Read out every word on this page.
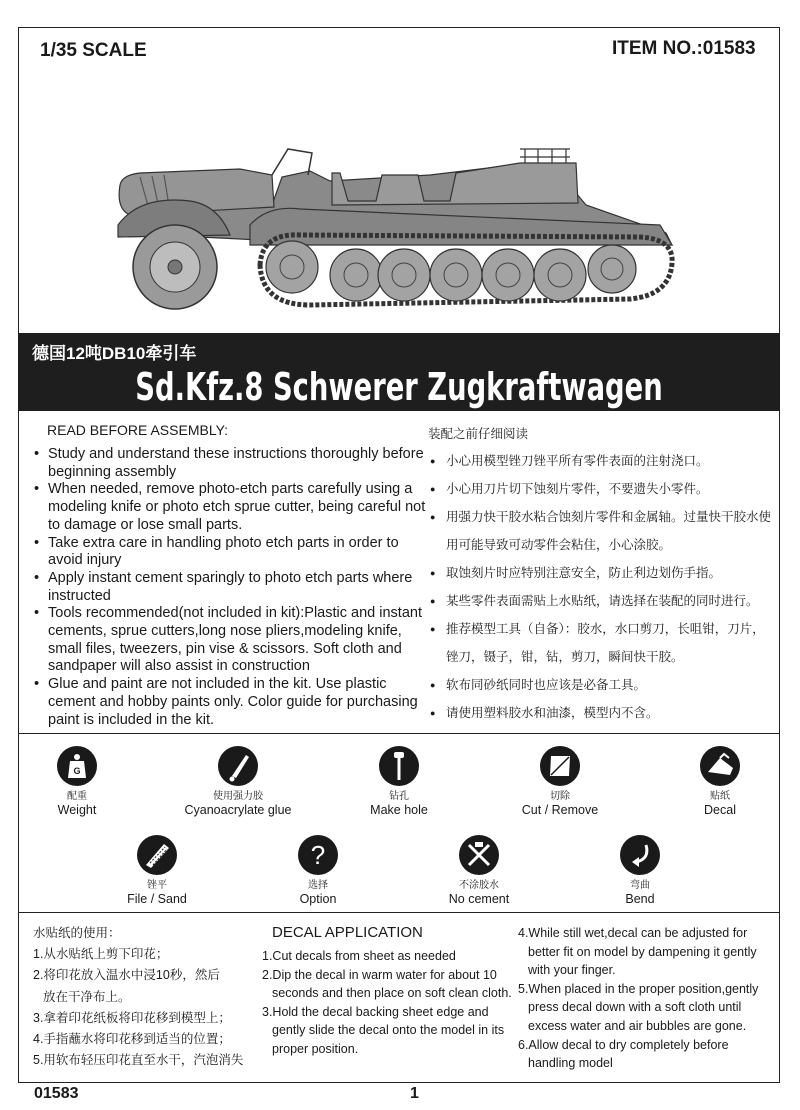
1/35 SCALE	ITEM NO.:01583
德国12吨DB10牵引车
Sd.Kfz.8 Schwerer Zugkraftwagen 12t
READ BEFORE ASSEMBLY:
• Study and understand these instructions thoroughly before beginning assembly
• When needed, remove photo-etch parts carefully using a modeling knife or photo etch sprue cutter, being careful not to damage or lose small parts.
• Take extra care in handling photo etch parts in order to avoid injury
• Apply instant cement sparingly to photo etch parts where instructed
• Tools recommended(not included in kit):Plastic and instant cements, sprue cutters,long nose pliers,modeling knife, small files, tweezers, pin vise & scissors. Soft cloth and sandpaper will also assist in construction
• Glue and paint are not included in the kit. Use plastic cement and hobby paints only. Color guide for purchasing paint is included in the kit.
装配之前仔细阅读
● 小心用模型锉刀锉平所有零件表面的注射浇口。
● 小心用刀片切下蚀刻片零件，不要遗失小零件。
● 用强力快干胶水粘合蚀刻片零件和金属轴。过量快干胶水使用可能导致可动零件会粘住，小心涂胶。
● 取蚀刻片时应特别注意安全，防止利边划伤手指。
● 某些零件表面需贴上水贴纸，请选择在装配的同时进行。
● 推荐模型工具（自备）：胶水，水口剪刀，长咀钳，刀片，锉刀，镊子，钳，钻，剪刀，瞬间快干胶。
● 软布同砂纸同时也应该是必备工具。
● 请使用塑料胶水和油漆，模型内不含。
G
配重
Weight
使用强力胶
Cyanoacrylate glue
钻孔
Make hole
切除
Cut / Remove
贴纸
Decal
锉平
File / Sand
?
选择
Option
不涂胶水
No cement
弯曲
Bend
水贴纸的使用：
1.从水贴纸上剪下印花；
2.将印花放入温水中浸10秒，然后
放在干净布上。
3.拿着印花纸板将印花移到模型上；
4.手指蘸水将印花移到适当的位置；
5.用软布轻压印花直至水干，汽泡消失
DECAL APPLICATION
1.Cut decals from sheet as needed
2.Dip the decal in warm water for about 10 seconds and then place on soft clean cloth.
3.Hold the decal backing sheet edge and gently slide the decal onto the model in its proper position.
4.While still wet,decal can be adjusted for better fit on model by dampening it gently with your finger.
5.When placed in the proper position,gently press decal down with a soft cloth until excess water and air bubbles are gone.
6.Allow decal to dry completely before handling model
01583	1
